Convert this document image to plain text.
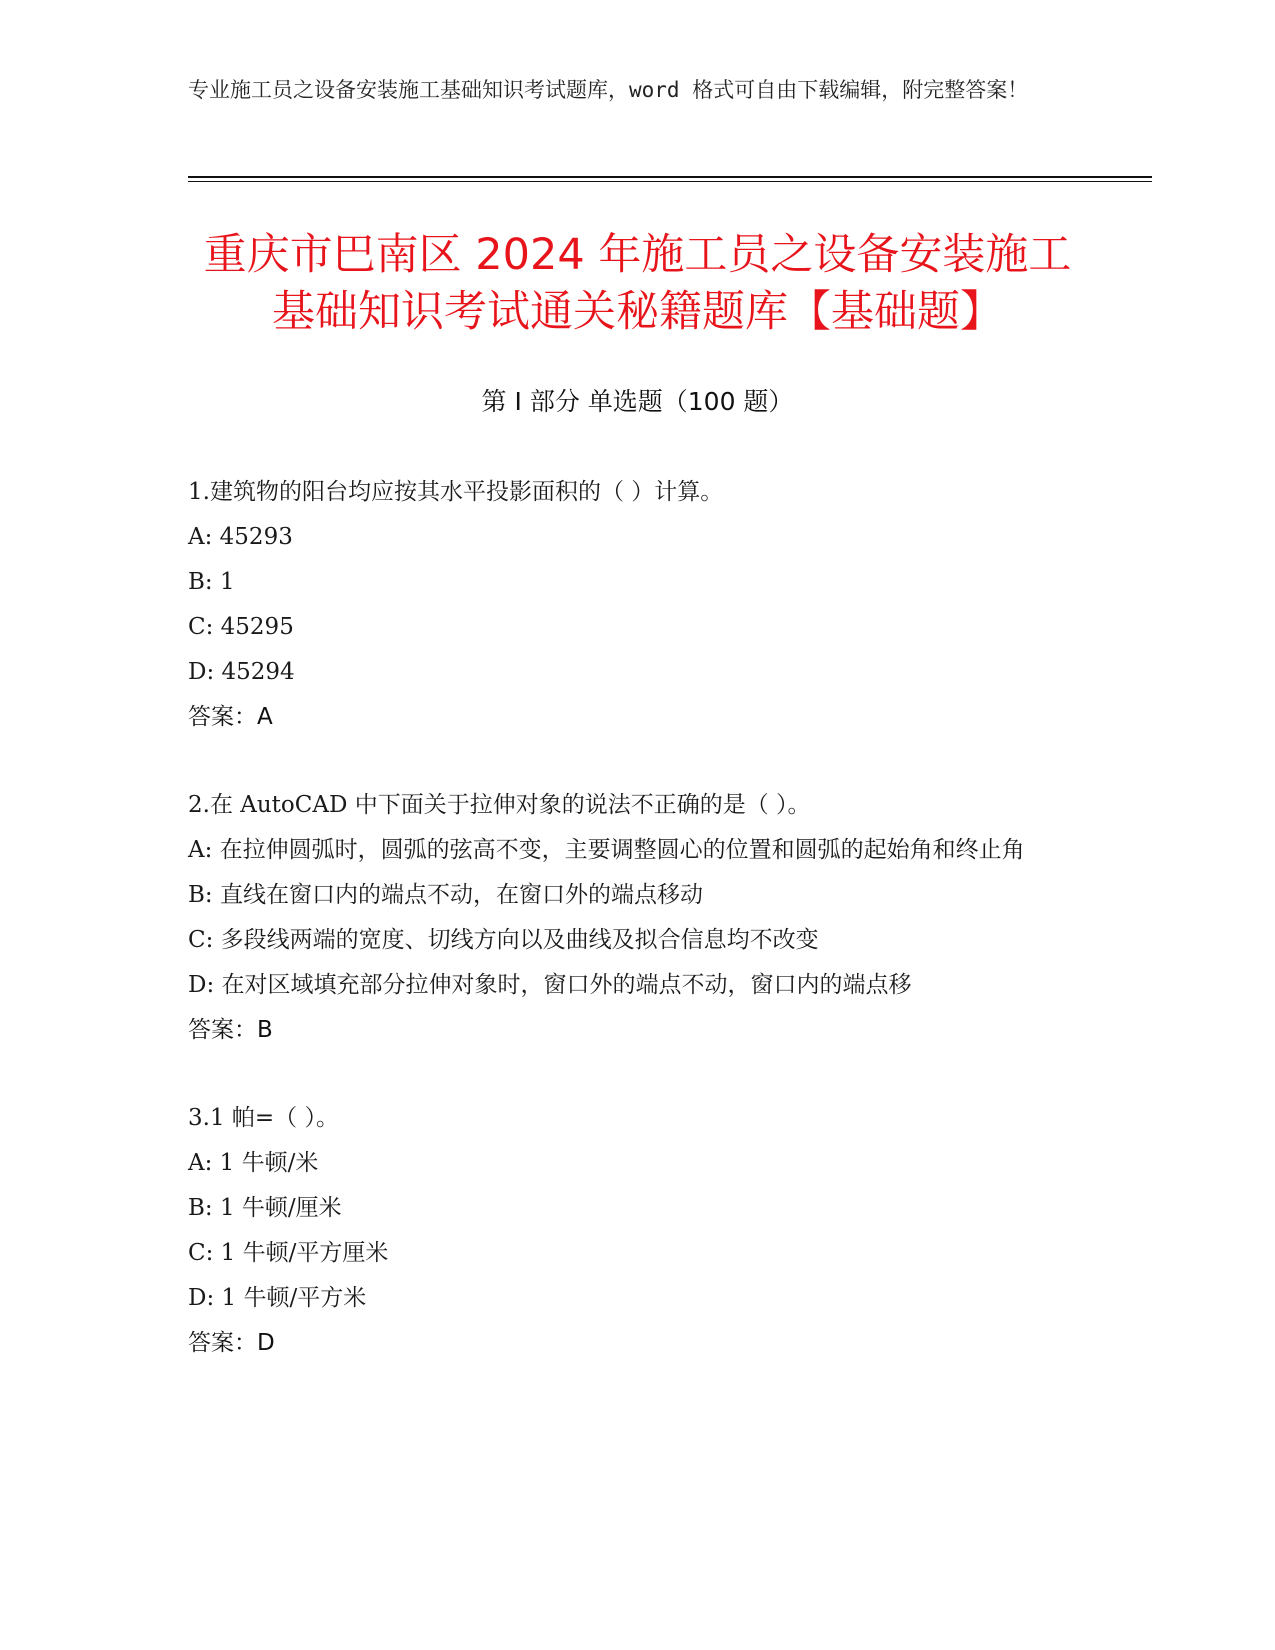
专业施工员之设备安装施工基础知识考试题库，word 格式可自由下载编辑，附完整答案！
重庆市巴南区 2024 年施工员之设备安装施工
基础知识考试通关秘籍题库【基础题】
第 I 部分 单选题（100 题）

1.建筑物的阳台均应按其水平投影面积的（ ）计算。

A: 45293

B: 1

C: 45295

D: 45294

答案：A

2.在 AutoCAD 中下面关于拉伸对象的说法不正确的是（ ）。

A: 在拉伸圆弧时，圆弧的弦高不变，主要调整圆心的位置和圆弧的起始角和终止角

B: 直线在窗口内的端点不动，在窗口外的端点移动

C: 多段线两端的宽度、切线方向以及曲线及拟合信息均不改变

D: 在对区域填充部分拉伸对象时，窗口外的端点不动，窗口内的端点移

答案：B

3.1 帕=（ ）。

A: 1 牛顿/米

B: 1 牛顿/厘米

C: 1 牛顿/平方厘米

D: 1 牛顿/平方米

答案：D
